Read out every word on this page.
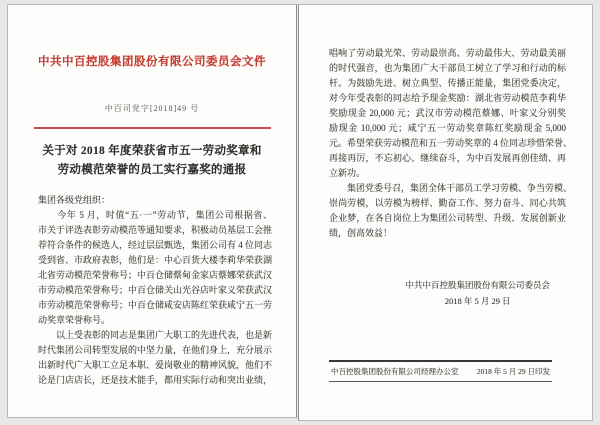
中共中百控股集团股份有限公司委员会文件
中百司党字[2018]49 号
关于对 2018 年度荣获省市五一劳动奖章和
劳动模范荣誉的员工实行嘉奖的通报
集团各级党组织：
　　今年 5 月，时值“五·一”劳动节，集团公司根据省、
市关于评选表彰劳动模范等通知要求，积极动员基层工会推
荐符合条件的候选人，经过层层甄选，集团公司有 4 位同志
受到省、市政府表彰，他们是：中心百货大楼李莉华荣获湖
北省劳动模范荣誉称号；中百仓储蔡甸金家店蔡娜荣获武汉
市劳动模范荣誉称号；中百仓储关山光谷店叶家义荣获武汉
市劳动模范荣誉称号；中百仓储咸安店陈红荣获咸宁五一劳
动奖章荣誉称号。
　　以上受表彰的同志是集团广大职工的先进代表，也是新
时代集团公司转型发展的中坚力量，在他们身上，充分展示
出新时代广大职工立足本职、爱岗敬业的精神风貌，他们不
论是门店店长，还是技术能手，都用实际行动和突出业绩，
唱响了劳动最光荣、劳动最崇高、劳动最伟大、劳动最美丽
的时代强音，也为集团广大干部员工树立了学习和行动的标
杆。为鼓励先进、树立典型、传播正能量，集团党委决定，
对今年受表彰的同志给予现金奖励：湖北省劳动模范李莉华
奖励现金 20,000 元；武汉市劳动模范蔡娜、叶家义分别奖
励现金 10,000 元；咸宁五一劳动奖章陈红奖励现金 5,000
元。希望荣获劳动模范和五一劳动奖章的 4 位同志珍惜荣誉、
再接再厉，不忘初心、继续奋斗，为中百发展再创佳绩、再
立新功。
　　集团党委号召，集团全体干部员工学习劳模、争当劳模、
崇尚劳模，以劳模为榜样、勤奋工作、努力奋斗、同心共筑
企业梦，在各自岗位上为集团公司转型、升级、发展创新业
绩，创高效益！
中共中百控股集团股份有限公司委员会
2018 年 5 月 29 日
中百控股集团股份有限公司经理办公室 2018 年 5 月 29 日印发
